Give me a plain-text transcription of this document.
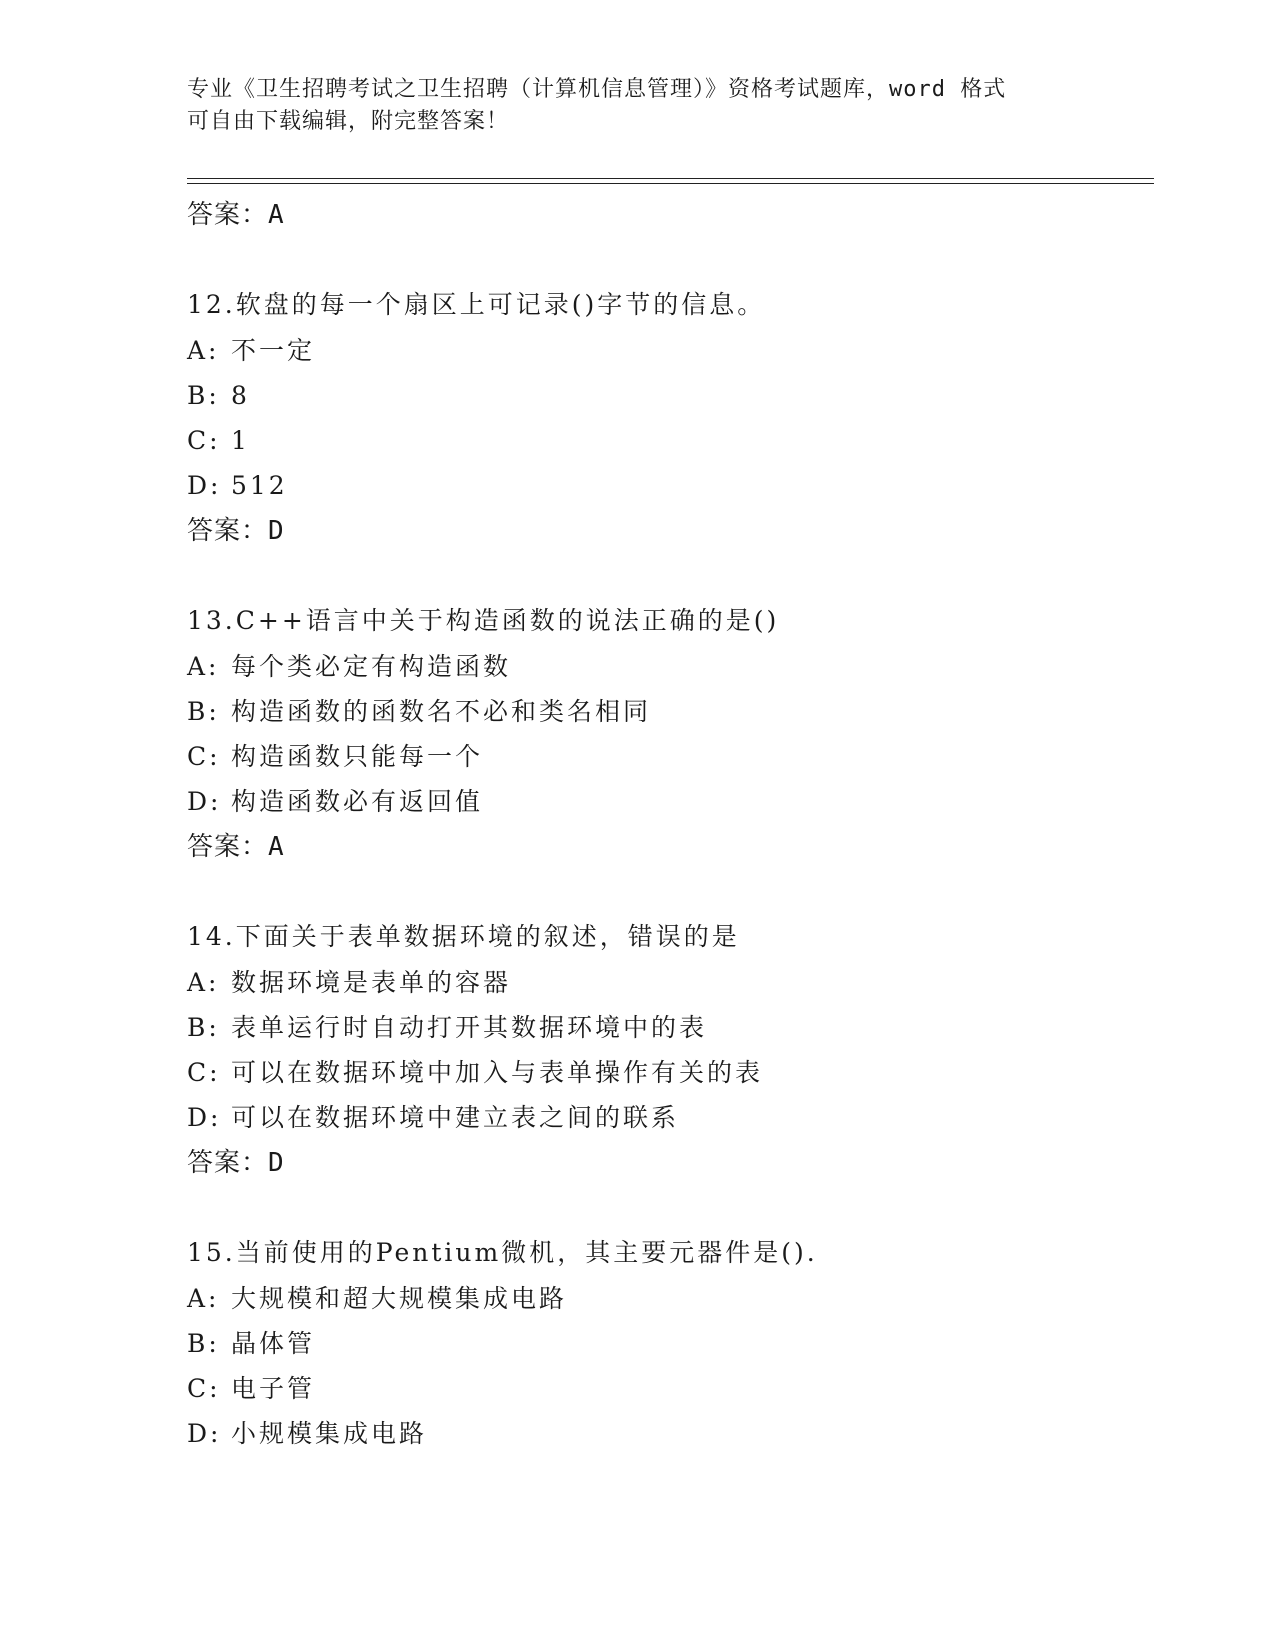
专业《卫生招聘考试之卫生招聘（计算机信息管理）》资格考试题库，word 格式
可自由下载编辑，附完整答案！
答案：A
12.软盘的每一个扇区上可记录()字节的信息。
A: 不一定
B: 8
C: 1
D: 512
答案：D
13.C++语言中关于构造函数的说法正确的是()
A: 每个类必定有构造函数
B: 构造函数的函数名不必和类名相同
C: 构造函数只能每一个
D: 构造函数必有返回值
答案：A
14.下面关于表单数据环境的叙述，错误的是
A: 数据环境是表单的容器
B: 表单运行时自动打开其数据环境中的表
C: 可以在数据环境中加入与表单操作有关的表
D: 可以在数据环境中建立表之间的联系
答案：D
15.当前使用的Pentium微机，其主要元器件是().
A: 大规模和超大规模集成电路
B: 晶体管
C: 电子管
D: 小规模集成电路
